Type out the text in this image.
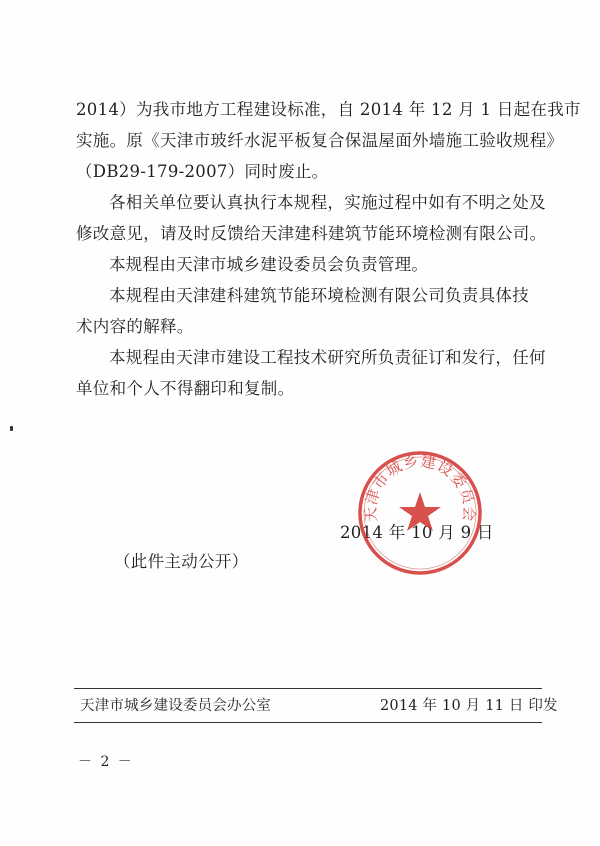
2014）为我市地方工程建设标准，自 2014 年 12 月 1 日起在我市
实施。原《天津市玻纤水泥平板复合保温屋面外墙施工验收规程》
（DB29-179-2007）同时废止。
各相关单位要认真执行本规程，实施过程中如有不明之处及
修改意见，请及时反馈给天津建科建筑节能环境检测有限公司。
本规程由天津市城乡建设委员会负责管理。
本规程由天津建科建筑节能环境检测有限公司负责具体技
术内容的解释。
本规程由天津市建设工程技术研究所负责征订和发行，任何
单位和个人不得翻印和复制。
天津市城乡建设委员会
2014 年 10 月 9 日
（此件主动公开）
天津市城乡建设委员会办公室	2014 年 10 月 11 日 印发
－ 2 －
